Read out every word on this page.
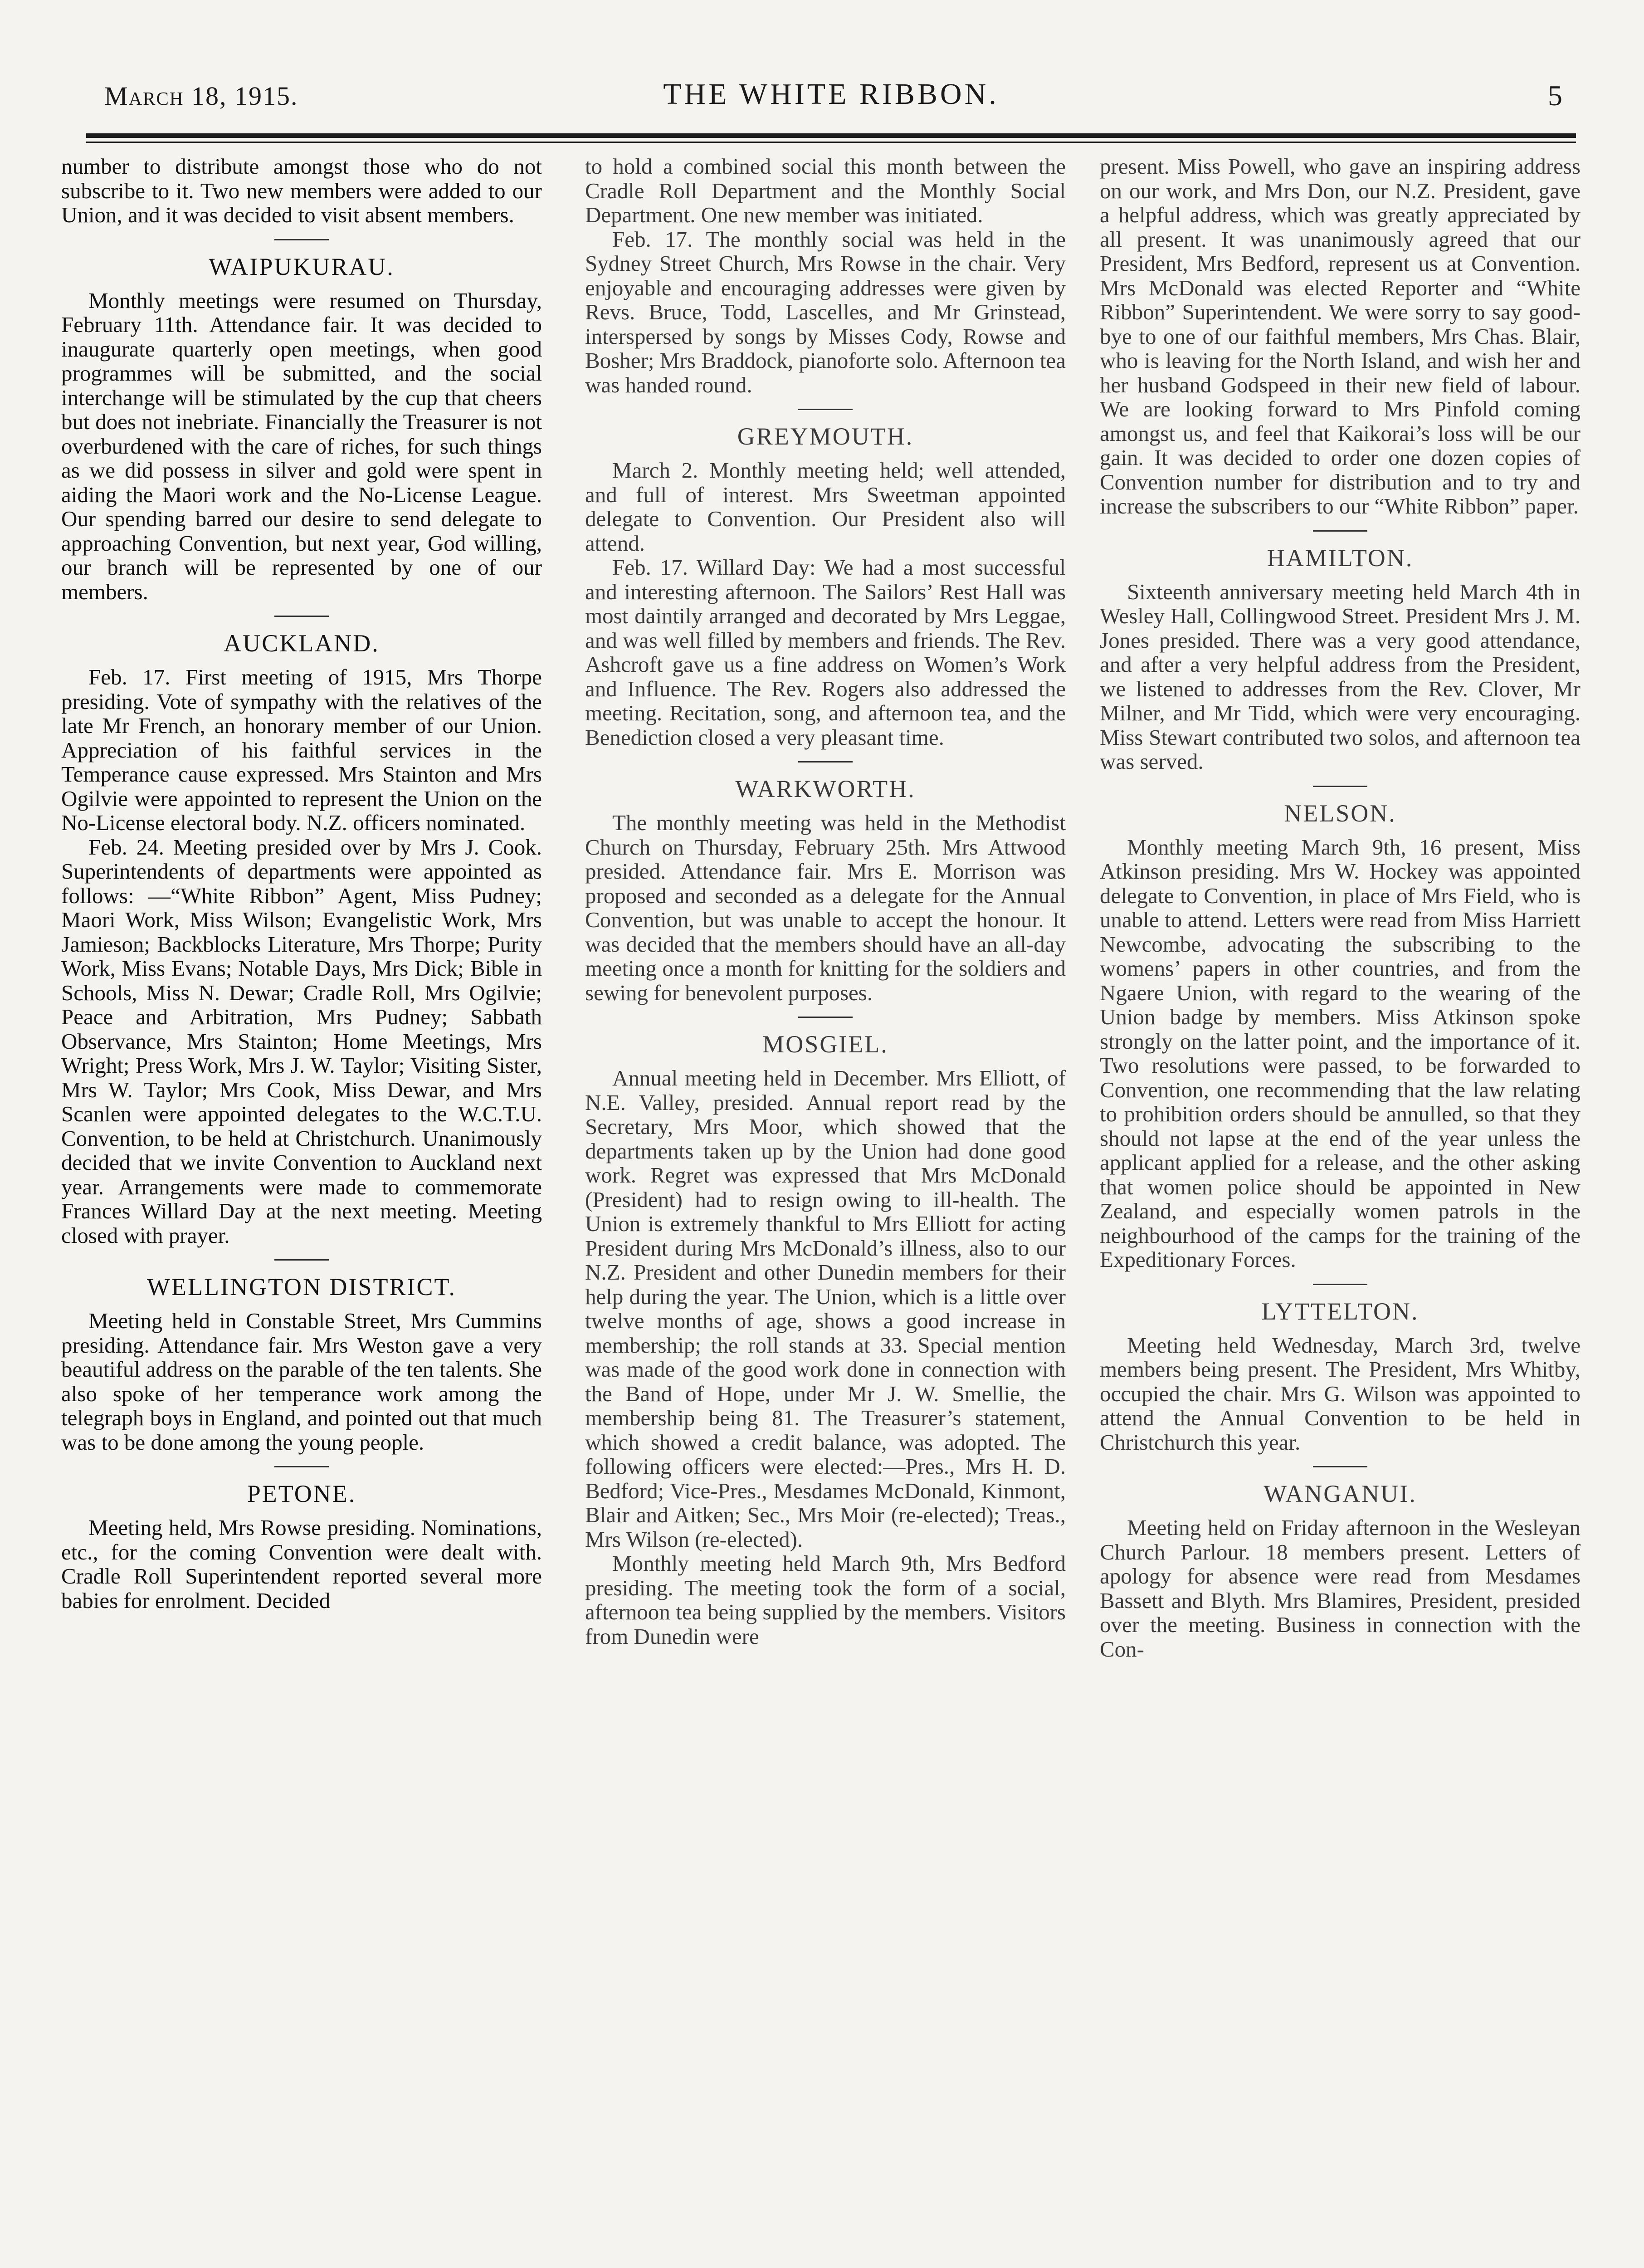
March 18, 1915.	THE WHITE RIBBON.	5

number to distribute amongst those who do not subscribe to it. Two new members were added to our Union, and it was decided to visit absent members.

WAIPUKURAU.

Monthly meetings were resumed on Thursday, February 11th. Attendance fair. It was decided to inaugurate quarterly open meetings, when good programmes will be submitted, and the social interchange will be stimulated by the cup that cheers but does not inebriate. Financially the Treasurer is not overburdened with the care of riches, for such things as we did possess in silver and gold were spent in aiding the Maori work and the No-License League. Our spending barred our desire to send delegate to approaching Convention, but next year, God willing, our branch will be represented by one of our members.

AUCKLAND.

Feb. 17. First meeting of 1915, Mrs Thorpe presiding. Vote of sympathy with the relatives of the late Mr French, an honorary member of our Union. Appreciation of his faithful services in the Temperance cause expressed. Mrs Stainton and Mrs Ogilvie were appointed to represent the Union on the No-License electoral body. N.Z. officers nominated.

Feb. 24. Meeting presided over by Mrs J. Cook. Superintendents of departments were appointed as follows: —“White Ribbon” Agent, Miss Pudney; Maori Work, Miss Wilson; Evangelistic Work, Mrs Jamieson; Backblocks Literature, Mrs Thorpe; Purity Work, Miss Evans; Notable Days, Mrs Dick; Bible in Schools, Miss N. Dewar; Cradle Roll, Mrs Ogilvie; Peace and Arbitration, Mrs Pudney; Sabbath Observance, Mrs Stainton; Home Meetings, Mrs Wright; Press Work, Mrs J. W. Taylor; Visiting Sister, Mrs W. Taylor; Mrs Cook, Miss Dewar, and Mrs Scanlen were appointed delegates to the W.C.T.U. Convention, to be held at Christchurch. Unanimously decided that we invite Convention to Auckland next year. Arrangements were made to commemorate Frances Willard Day at the next meeting. Meeting closed with prayer.

WELLINGTON DISTRICT.

Meeting held in Constable Street, Mrs Cummins presiding. Attendance fair. Mrs Weston gave a very beautiful address on the parable of the ten talents. She also spoke of her temperance work among the telegraph boys in England, and pointed out that much was to be done among the young people.

PETONE.

Meeting held, Mrs Rowse presiding. Nominations, etc., for the coming Convention were dealt with. Cradle Roll Superintendent reported several more babies for enrolment. Decided

to hold a combined social this month between the Cradle Roll Department and the Monthly Social Department. One new member was initiated.

Feb. 17. The monthly social was held in the Sydney Street Church, Mrs Rowse in the chair. Very enjoyable and encouraging addresses were given by Revs. Bruce, Todd, Lascelles, and Mr Grinstead, interspersed by songs by Misses Cody, Rowse and Bosher; Mrs Braddock, pianoforte solo. Afternoon tea was handed round.

GREYMOUTH.

March 2. Monthly meeting held; well attended, and full of interest. Mrs Sweetman appointed delegate to Convention. Our President also will attend.

Feb. 17. Willard Day: We had a most successful and interesting afternoon. The Sailors’ Rest Hall was most daintily arranged and decorated by Mrs Leggae, and was well filled by members and friends. The Rev. Ashcroft gave us a fine address on Women’s Work and Influence. The Rev. Rogers also addressed the meeting. Recitation, song, and afternoon tea, and the Benediction closed a very pleasant time.

WARKWORTH.

The monthly meeting was held in the Methodist Church on Thursday, February 25th. Mrs Attwood presided. Attendance fair. Mrs E. Morrison was proposed and seconded as a delegate for the Annual Convention, but was unable to accept the honour. It was decided that the members should have an all-day meeting once a month for knitting for the soldiers and sewing for benevolent purposes.

MOSGIEL.

Annual meeting held in December. Mrs Elliott, of N.E. Valley, presided. Annual report read by the Secretary, Mrs Moor, which showed that the departments taken up by the Union had done good work. Regret was expressed that Mrs McDonald (President) had to resign owing to ill-health. The Union is extremely thankful to Mrs Elliott for acting President during Mrs McDonald’s illness, also to our N.Z. President and other Dunedin members for their help during the year. The Union, which is a little over twelve months of age, shows a good increase in membership; the roll stands at 33. Special mention was made of the good work done in connection with the Band of Hope, under Mr J. W. Smellie, the membership being 81. The Treasurer’s statement, which showed a credit balance, was adopted. The following officers were elected:—Pres., Mrs H. D. Bedford; Vice-Pres., Mesdames McDonald, Kinmont, Blair and Aitken; Sec., Mrs Moir (re-elected); Treas., Mrs Wilson (re-elected).

Monthly meeting held March 9th, Mrs Bedford presiding. The meeting took the form of a social, afternoon tea being supplied by the members. Visitors from Dunedin were

present. Miss Powell, who gave an inspiring address on our work, and Mrs Don, our N.Z. President, gave a helpful address, which was greatly appreciated by all present. It was unanimously agreed that our President, Mrs Bedford, represent us at Convention. Mrs McDonald was elected Reporter and “White Ribbon” Superintendent. We were sorry to say good-bye to one of our faithful members, Mrs Chas. Blair, who is leaving for the North Island, and wish her and her husband Godspeed in their new field of labour. We are looking forward to Mrs Pinfold coming amongst us, and feel that Kaikorai’s loss will be our gain. It was decided to order one dozen copies of Convention number for distribution and to try and increase the subscribers to our “White Ribbon” paper.

HAMILTON.

Sixteenth anniversary meeting held March 4th in Wesley Hall, Collingwood Street. President Mrs J. M. Jones presided. There was a very good attendance, and after a very helpful address from the President, we listened to addresses from the Rev. Clover, Mr Milner, and Mr Tidd, which were very encouraging. Miss Stewart contributed two solos, and afternoon tea was served.

NELSON.

Monthly meeting March 9th, 16 present, Miss Atkinson presiding. Mrs W. Hockey was appointed delegate to Convention, in place of Mrs Field, who is unable to attend. Letters were read from Miss Harriett Newcombe, advocating the subscribing to the womens’ papers in other countries, and from the Ngaere Union, with regard to the wearing of the Union badge by members. Miss Atkinson spoke strongly on the latter point, and the importance of it. Two resolutions were passed, to be forwarded to Convention, one recommending that the law relating to prohibition orders should be annulled, so that they should not lapse at the end of the year unless the applicant applied for a release, and the other asking that women police should be appointed in New Zealand, and especially women patrols in the neighbourhood of the camps for the training of the Expeditionary Forces.

LYTTELTON.

Meeting held Wednesday, March 3rd, twelve members being present. The President, Mrs Whitby, occupied the chair. Mrs G. Wilson was appointed to attend the Annual Convention to be held in Christchurch this year.

WANGANUI.

Meeting held on Friday afternoon in the Wesleyan Church Parlour. 18 members present. Letters of apology for absence were read from Mesdames Bassett and Blyth. Mrs Blamires, President, presided over the meeting. Business in connection with the Con-
